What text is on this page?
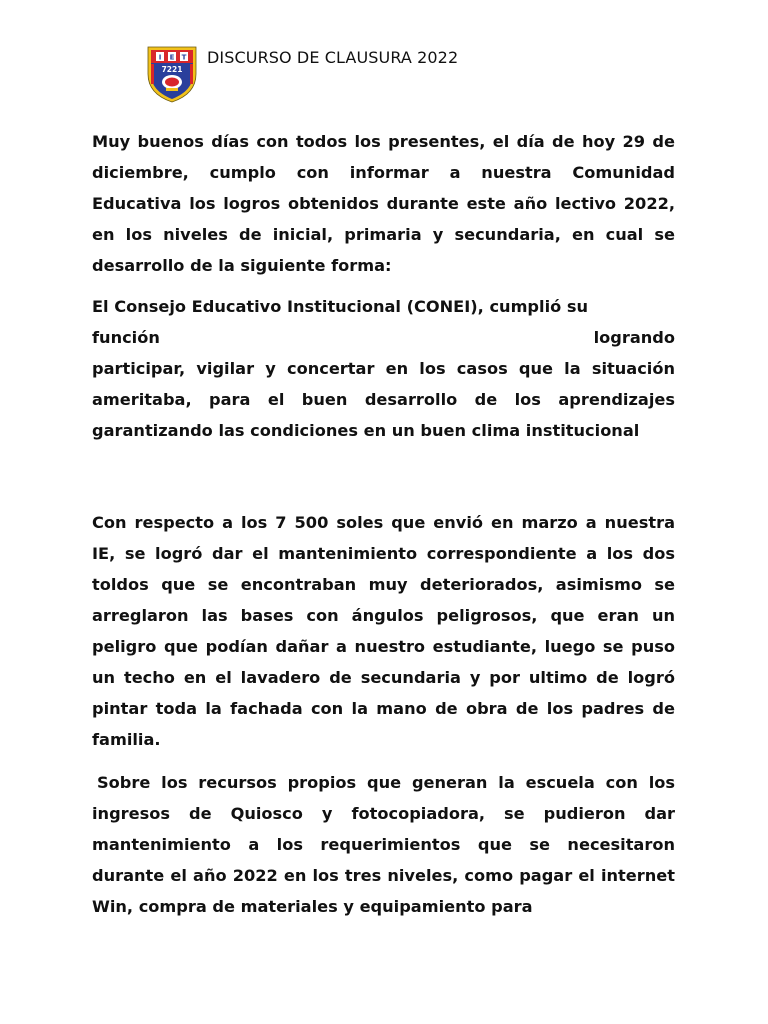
I E T
7221
DISCURSO DE CLAUSURA 2022

Muy buenos días con todos los presentes, el día de hoy 29 de diciembre, cumplo con informar a nuestra Comunidad Educativa los logros obtenidos durante este año lectivo 2022, en los niveles de inicial, primaria y secundaria, en cual se desarrollo de la siguiente forma:

El Consejo Educativo Institucional (CONEI), cumplió su
función	logrando
participar, vigilar y concertar en los casos que la situación ameritaba, para el buen desarrollo de los aprendizajes garantizando las condiciones en un buen clima institucional

Con respecto a los 7 500 soles que envió en marzo a nuestra IE, se logró dar el mantenimiento correspondiente a los dos toldos que se encontraban muy deteriorados, asimismo se arreglaron las bases con ángulos peligrosos, que eran un peligro que podían dañar a nuestro estudiante, luego se puso un techo en el lavadero de secundaria y por ultimo de logró pintar toda la fachada con la mano de obra de los padres de familia.

Sobre los recursos propios que generan la escuela con los ingresos de Quiosco y fotocopiadora, se pudieron dar mantenimiento a los requerimientos que se necesitaron durante el año 2022 en los tres niveles, como pagar el internet Win, compra de materiales y equipamiento para
